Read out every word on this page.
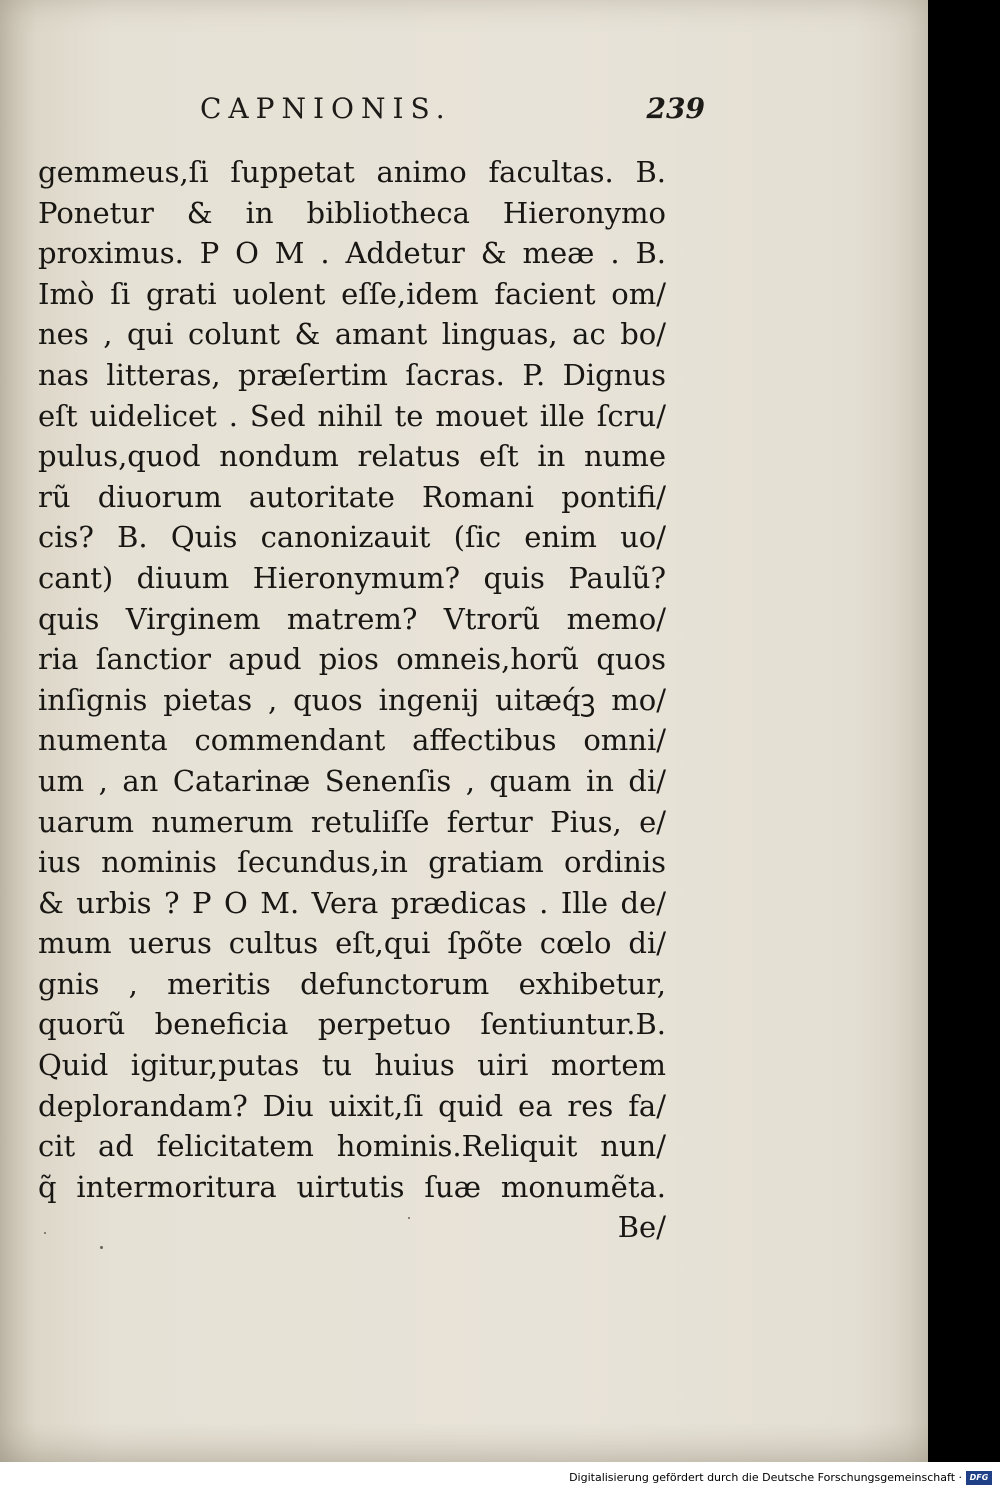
CAPNIONIS.	239
gemmeus,ſi ſuppetat animo facultas. B.
Ponetur & in bibliotheca Hieronymo
proximus. P O M . Addetur & meæ . B.
Imò ſi grati uolent eſſe,idem facient om/
nes , qui colunt & amant linguas, ac bo/
nas litteras, præſertim ſacras. P. Dignus
eſt uidelicet . Sed nihil te mouet ille ſcru/
pulus,quod nondum relatus eſt in nume
rũ diuorum autoritate Romani pontifi/
cis? B. Quis canonizauit (ſic enim uo/
cant) diuum Hieronymum? quis Paulũ?
quis Virginem matrem? Vtrorũ memo/
ria ſanctior apud pios omneis,horũ quos
inſignis pietas , quos ingenij uitæq́ꝫ mo/
numenta commendant affectibus omni/
um , an Catarinæ Senenſis , quam in di/
uarum numerum retuliſſe fertur Pius, e/
ius nominis ſecundus,in gratiam ordinis
& urbis ? P O M. Vera prædicas . Ille de/
mum uerus cultus eſt,qui ſpõte cœlo di/
gnis , meritis defunctorum exhibetur,
quorũ beneficia perpetuo ſentiuntur.B.
Quid igitur,putas tu huius uiri mortem
deplorandam? Diu uixit,ſi quid ea res fa/
cit ad felicitatem hominis.Reliquit nun/
q̃ intermoritura uirtutis ſuæ monumẽta.
Be/
Digitalisierung gefördert durch die Deutsche Forschungsgemeinschaft · DFG
